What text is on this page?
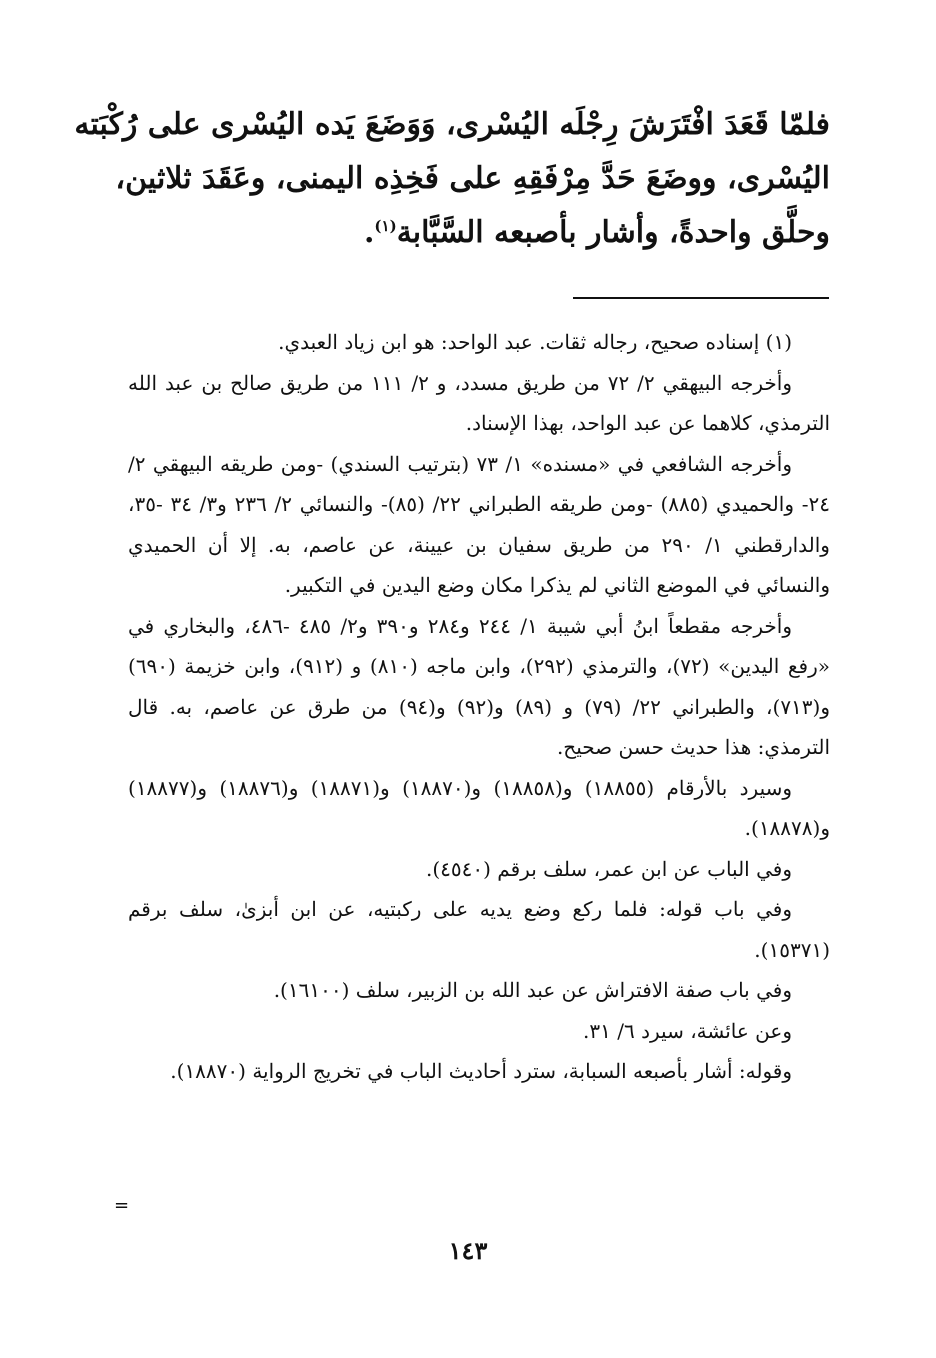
فلمّا قَعَدَ افْتَرَشَ رِجْلَه اليُسْرى، وَوَضَعَ يَده اليُسْرى على رُكْبَته
اليُسْرى، ووضَعَ حَدَّ مِرْفَقِهِ على فَخِذِه اليمنى، وعَقَدَ ثلاثين،
وحلَّق واحدةً، وأشار بأصبعه السَّبَّابة$^{(١)}$.

(١) إسناده صحيح، رجاله ثقات. عبد الواحد: هو ابن زياد العبدي.

وأخرجه البيهقي ٢/ ٧٢ من طريق مسدد، و ٢/ ١١١ من طريق صالح بن عبد الله الترمذي، كلاهما عن عبد الواحد، بهذا الإسناد.

وأخرجه الشافعي في «مسنده» ١/ ٧٣ (بترتيب السندي) -ومن طريقه البيهقي ٢/ ٢٤- والحميدي (٨٨٥) -ومن طريقه الطبراني ٢٢/ (٨٥)- والنسائي ٢/ ٢٣٦ و٣/ ٣٤ -٣٥، والدارقطني ١/ ٢٩٠ من طريق سفيان بن عيينة، عن عاصم، به. إلا أن الحميدي والنسائي في الموضع الثاني لم يذكرا مكان وضع اليدين في التكبير.

وأخرجه مقطعاً ابنُ أبي شيبة ١/ ٢٤٤ و٢٨٤ و٣٩٠ و٢/ ٤٨٥ -٤٨٦، والبخاري في «رفع اليدين» (٧٢)، والترمذي (٢٩٢)، وابن ماجه (٨١٠) و (٩١٢)، وابن خزيمة (٦٩٠) و(٧١٣)، والطبراني ٢٢/ (٧٩) و (٨٩) و(٩٢) و(٩٤) من طرق عن عاصم، به. قال الترمذي: هذا حديث حسن صحيح.

وسيرد بالأرقام (١٨٨٥٥) و(١٨٨٥٨) و(١٨٨٧٠) و(١٨٨٧١) و(١٨٨٧٦) و(١٨٨٧٧) و(١٨٨٧٨).

وفي الباب عن ابن عمر، سلف برقم (٤٥٤٠).

وفي باب قوله: فلما ركع وضع يديه على ركبتيه، عن ابن أبزىٰ، سلف برقم (١٥٣٧١).

وفي باب صفة الافتراش عن عبد الله بن الزبير، سلف (١٦١٠٠).

وعن عائشة، سيرد ٦/ ٣١.

وقوله: أشار بأصبعه السبابة، سترد أحاديث الباب في تخريج الرواية (١٨٨٧٠).

=
١٤٣
